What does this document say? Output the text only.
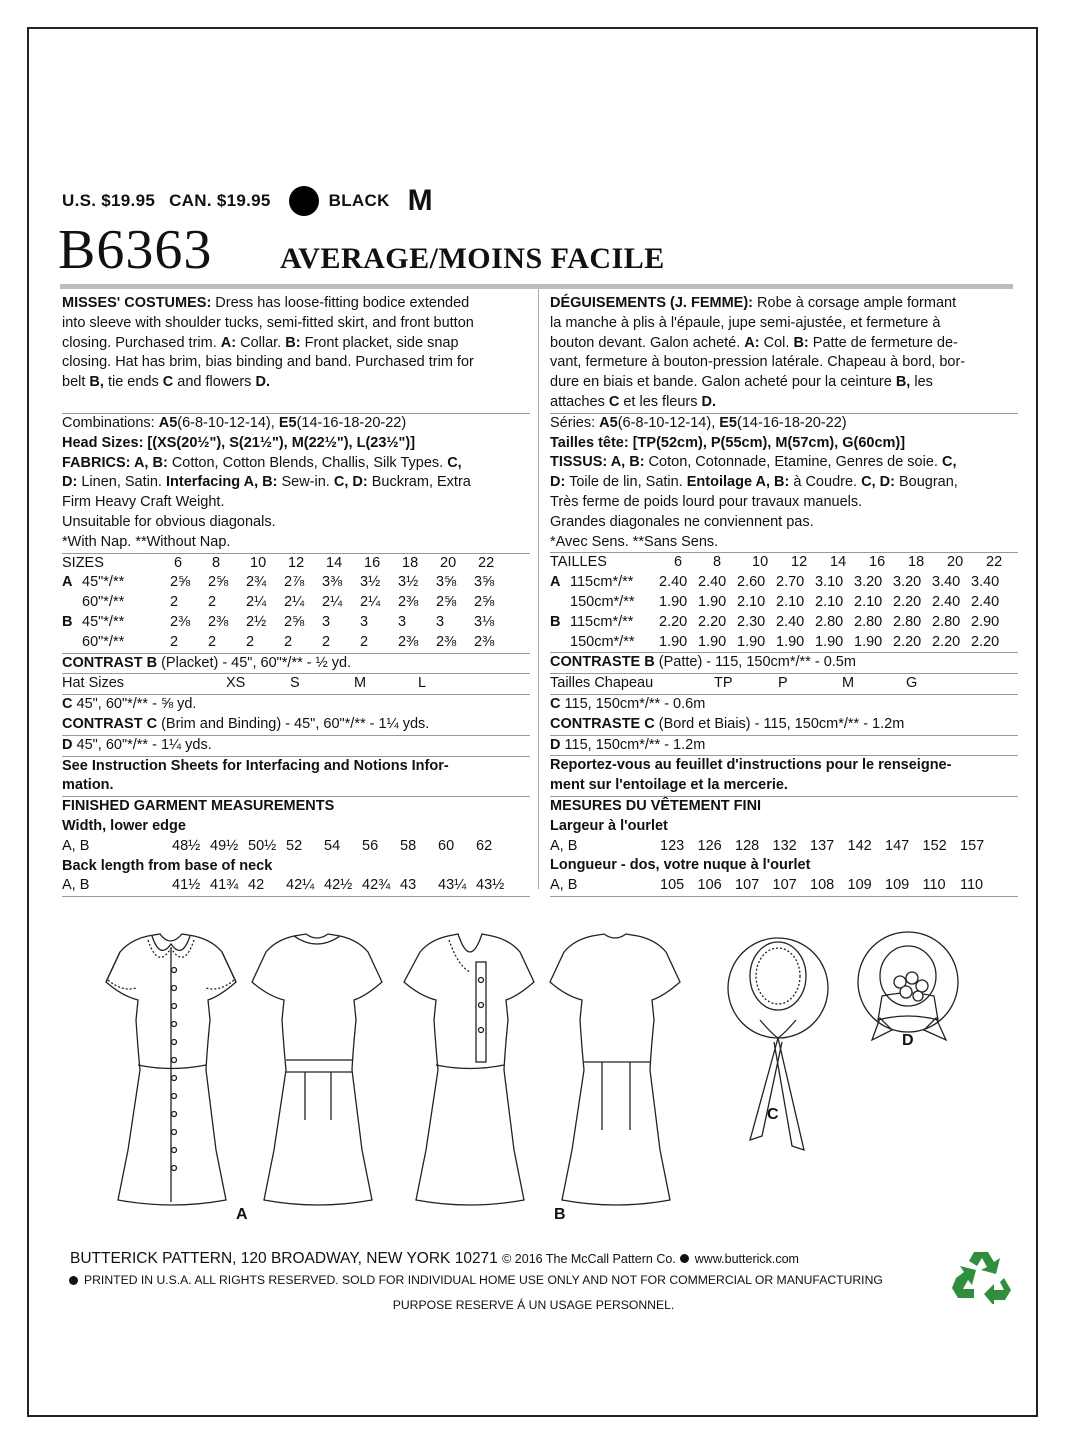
U.S. $19.95 CAN. $19.95	BLACK M
B6363 AVERAGE/MOINS FACILE
MISSES' COSTUMES: Dress has loose-fitting bodice extended
into sleeve with shoulder tucks, semi-fitted skirt, and front button
closing. Purchased trim. A: Collar. B: Front placket, side snap
closing. Hat has brim, bias binding and band. Purchased trim for
belt B, tie ends C and flowers D.
Combinations: A5(6-8-10-12-14), E5(14-16-18-20-22)
Head Sizes: [(XS(20½"), S(21½"), M(22½"), L(23½")]
FABRICS: A, B: Cotton, Cotton Blends, Challis, Silk Types. C,
D: Linen, Satin. Interfacing A, B: Sew-in. C, D: Buckram, Extra
Firm Heavy Craft Weight.
Unsuitable for obvious diagonals.
*With Nap. **Without Nap.
SIZES	6 8 10 12 14 16 18 20 22
A 45"*/**	2⅝ 2⅝ 2¾ 2⅞ 3⅜ 3½ 3½ 3⅝ 3⅝
60"*/**	2 2 2¼ 2¼ 2¼ 2¼ 2⅜ 2⅝ 2⅝
B 45"*/**	2⅜ 2⅜ 2½ 2⅝ 3 3 3 3 3⅛
60"*/**	2 2 2 2 2 2 2⅜ 2⅜ 2⅜
CONTRAST B (Placket) - 45", 60"*/** - ½ yd.
Hat Sizes	XS	S	M	L
C 45", 60"*/** - ⅝ yd.
CONTRAST C (Brim and Binding) - 45", 60"*/** - 1¼ yds.
D 45", 60"*/** - 1¼ yds.
See Instruction Sheets for Interfacing and Notions Infor-
mation.
FINISHED GARMENT MEASUREMENTS
Width, lower edge
A, B	48½ 49½ 50½ 52 54 56 58 60 62
Back length from base of neck
A, B	41½ 41¾ 42 42¼ 42½ 42¾ 43 43¼ 43½
DÉGUISEMENTS (J. FEMME): Robe à corsage ample formant
la manche à plis à l'épaule, jupe semi-ajustée, et fermeture à
bouton devant. Galon acheté. A: Col. B: Patte de fermeture de-
vant, fermeture à bouton-pression latérale. Chapeau à bord, bor-
dure en biais et bande. Galon acheté pour la ceinture B, les
attaches C et les fleurs D.
Séries: A5(6-8-10-12-14), E5(14-16-18-20-22)
Tailles tête: [TP(52cm), P(55cm), M(57cm), G(60cm)]
TISSUS: A, B: Coton, Cotonnade, Etamine, Genres de soie. C,
D: Toile de lin, Satin. Entoilage A, B: à Coudre. C, D: Bougran,
Très ferme de poids lourd pour travaux manuels.
Grandes diagonales ne conviennent pas.
*Avec Sens. **Sans Sens.
TAILLES	6 8 10 12 14 16 18 20 22
A 115cm*/** 2.40 2.40 2.60 2.70 3.10 3.20 3.20 3.40 3.40
150cm*/** 1.90 1.90 2.10 2.10 2.10 2.10 2.20 2.40 2.40
B 115cm*/** 2.20 2.20 2.30 2.40 2.80 2.80 2.80 2.80 2.90
150cm*/** 1.90 1.90 1.90 1.90 1.90 1.90 2.20 2.20 2.20
CONTRASTE B (Patte) - 115, 150cm*/** - 0.5m
Tailles Chapeau	TP	P	M	G
C 115, 150cm*/** - 0.6m
CONTRASTE C (Bord et Biais) - 115, 150cm*/** - 1.2m
D 115, 150cm*/** - 1.2m
Reportez-vous au feuillet d'instructions pour le renseigne-
ment sur l'entoilage et la mercerie.
MESURES DU VÊTEMENT FINI
Largeur à l'ourlet
A, B	123 126 128 132 137 142 147 152 157
Longueur - dos, votre nuque à l'ourlet
A, B	105 106 107 107 108 109 109 110 110
A	B
C
D
BUTTERICK PATTERN, 120 BROADWAY, NEW YORK 10271 © 2016 The McCall Pattern Co. www.butterick.com
PRINTED IN U.S.A. ALL RIGHTS RESERVED. SOLD FOR INDIVIDUAL HOME USE ONLY AND NOT FOR COMMERCIAL OR MANUFACTURING
PURPOSE RESERVE Á UN USAGE PERSONNEL.
